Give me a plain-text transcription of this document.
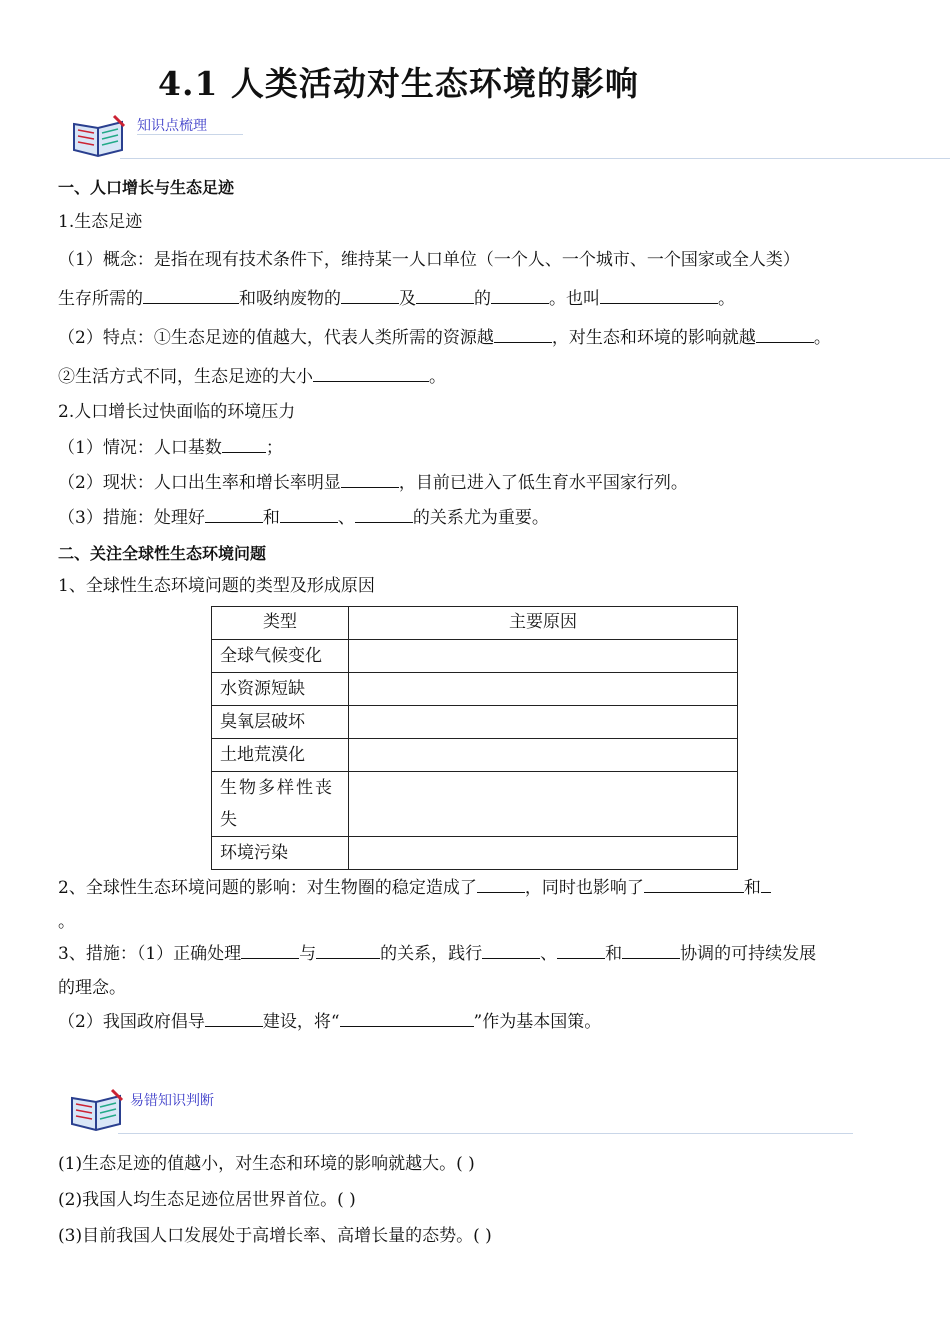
4.1 人类活动对生态环境的影响
知识点梳理
一、人口增长与生态足迹
1.生态足迹
（1）概念：是指在现有技术条件下，维持某一人口单位（一个人、一个城市、一个国家或全人类）
生存所需的	和吸纳废物的	及	的	。也叫	。
（2）特点：①生态足迹的值越大，代表人类所需的资源越	，对生态和环境的影响就越	。
②生活方式不同，生态足迹的大小	。
2.人口增长过快面临的环境压力
（1）情况：人口基数	；
（2）现状：人口出生率和增长率明显	，目前已进入了低生育水平国家行列。
（3）措施：处理好	和	、	的关系尤为重要。
二、关注全球性生态环境问题
1、全球性生态环境问题的类型及形成原因
类型	主要原因
全球气候变化	
水资源短缺	
臭氧层破坏	
土地荒漠化	
生物多样性丧失	
环境污染	
2、全球性生态环境问题的影响：对生物圈的稳定造成了	，同时也影响了	和
。
3、措施：（1）正确处理	与	的关系，践行	、	和	协调的可持续发展
的理念。
（2）我国政府倡导	建设，将“	”作为基本国策。
易错知识判断
(1)生态足迹的值越小，对生态和环境的影响就越大。( )
(2)我国人均生态足迹位居世界首位。( )
(3)目前我国人口发展处于高增长率、高增长量的态势。( )
